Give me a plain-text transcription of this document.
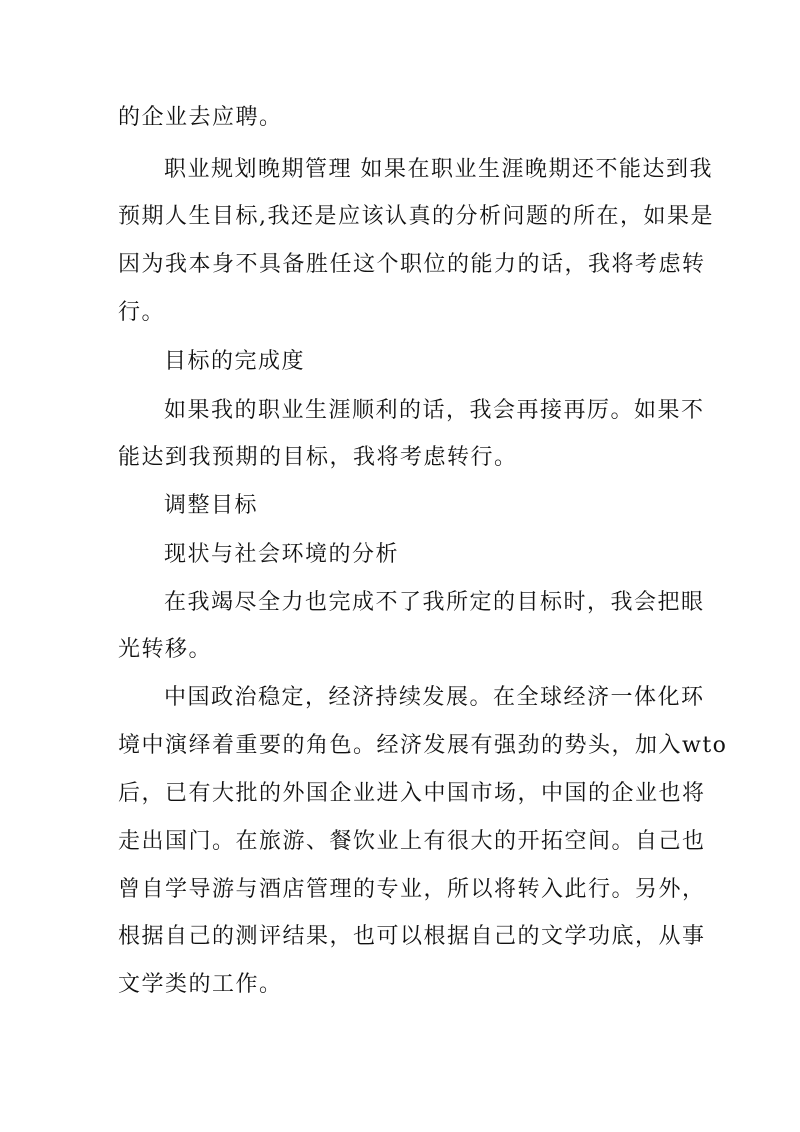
的企业去应聘。
职业规划晚期管理 如果在职业生涯晚期还不能达到我
预期人生目标,我还是应该认真的分析问题的所在，如果是
因为我本身不具备胜任这个职位的能力的话，我将考虑转
行。
目标的完成度
如果我的职业生涯顺利的话，我会再接再厉。如果不
能达到我预期的目标，我将考虑转行。
调整目标
现状与社会环境的分析
在我竭尽全力也完成不了我所定的目标时，我会把眼
光转移。
中国政治稳定，经济持续发展。在全球经济一体化环
境中演绎着重要的角色。经济发展有强劲的势头，加入wto
后，已有大批的外国企业进入中国市场，中国的企业也将
走出国门。在旅游、餐饮业上有很大的开拓空间。自己也
曾自学导游与酒店管理的专业，所以将转入此行。另外，
根据自己的测评结果，也可以根据自己的文学功底，从事
文学类的工作。
